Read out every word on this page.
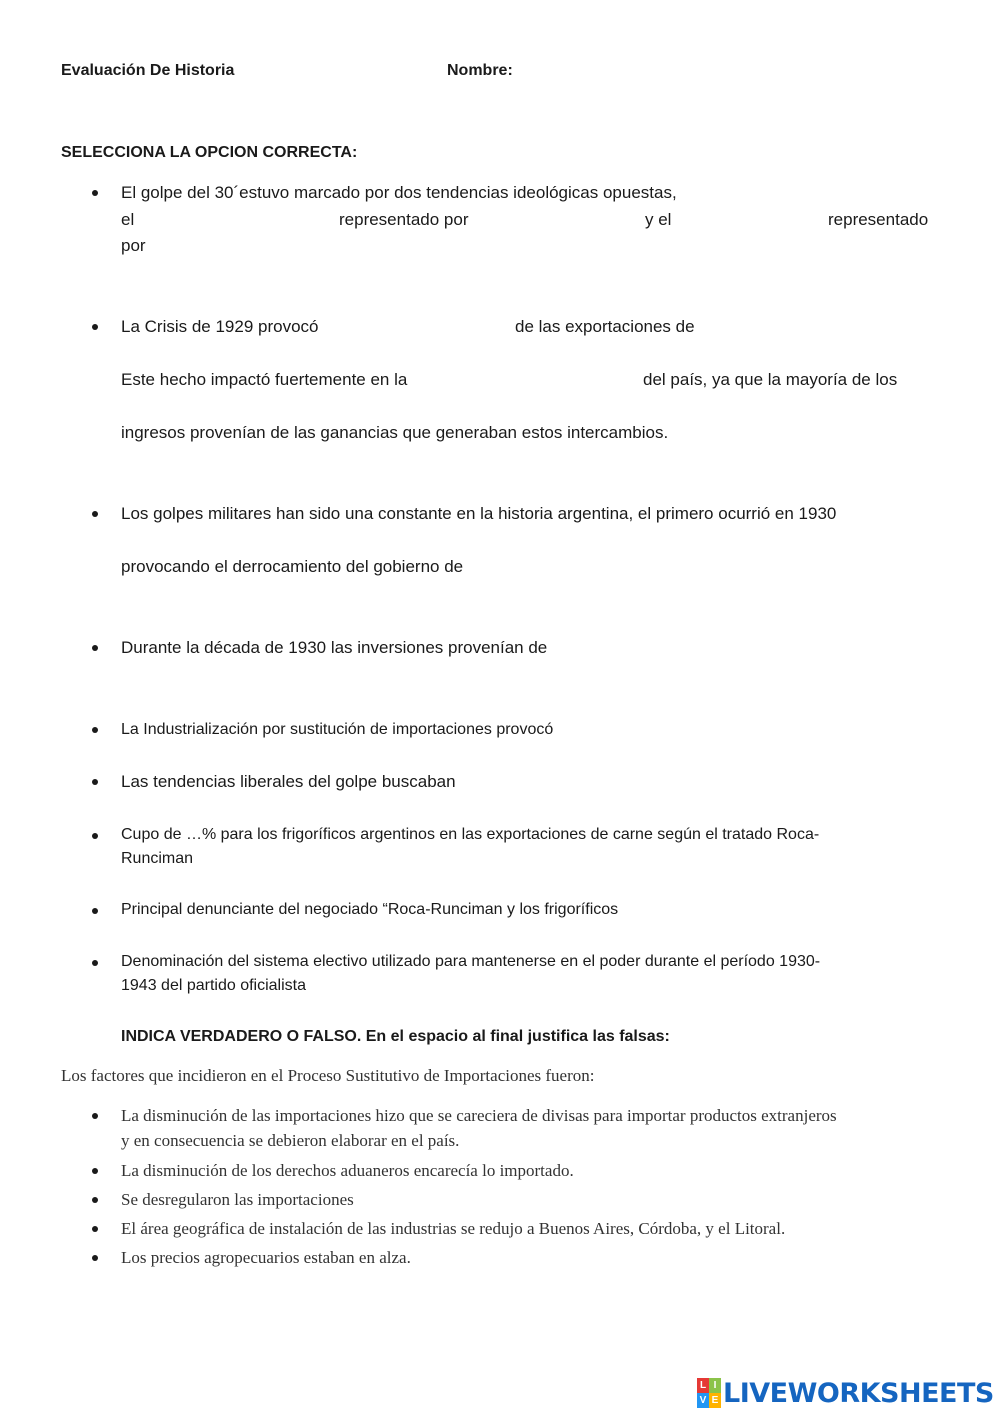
Evaluación De Historia	Nombre:
SELECCIONA LA OPCION CORRECTA:
El golpe del 30´estuvo marcado por dos tendencias ideológicas opuestas,
el	representado por	y el	representado
por
La Crisis de 1929 provocó	de las exportaciones de
Este hecho impactó fuertemente en la	del país, ya que la mayoría de los
ingresos provenían de las ganancias que generaban estos intercambios.
Los golpes militares han sido una constante en la historia argentina, el primero ocurrió en 1930
provocando el derrocamiento del gobierno de
Durante la década de 1930 las inversiones provenían de
La Industrialización por sustitución de importaciones provocó
Las tendencias liberales del golpe buscaban
Cupo de …% para los frigoríficos argentinos en las exportaciones de carne según el tratado Roca-
Runciman
Principal denunciante del negociado “Roca-Runciman y los frigoríficos
Denominación del sistema electivo utilizado para mantenerse en el poder durante el período 1930-
1943 del partido oficialista
INDICA VERDADERO O FALSO. En el espacio al final justifica las falsas:
Los factores que incidieron en el Proceso Sustitutivo de Importaciones fueron:
La disminución de las importaciones hizo que se careciera de divisas para importar productos extranjeros
y en consecuencia se debieron elaborar en el país.
La disminución de los derechos aduaneros encarecía lo importado.
Se desregularon las importaciones
El área geográfica de instalación de las industrias se redujo a Buenos Aires, Córdoba, y el Litoral.
Los precios agropecuarios estaban en alza.
L I
V E LIVEWORKSHEETS
